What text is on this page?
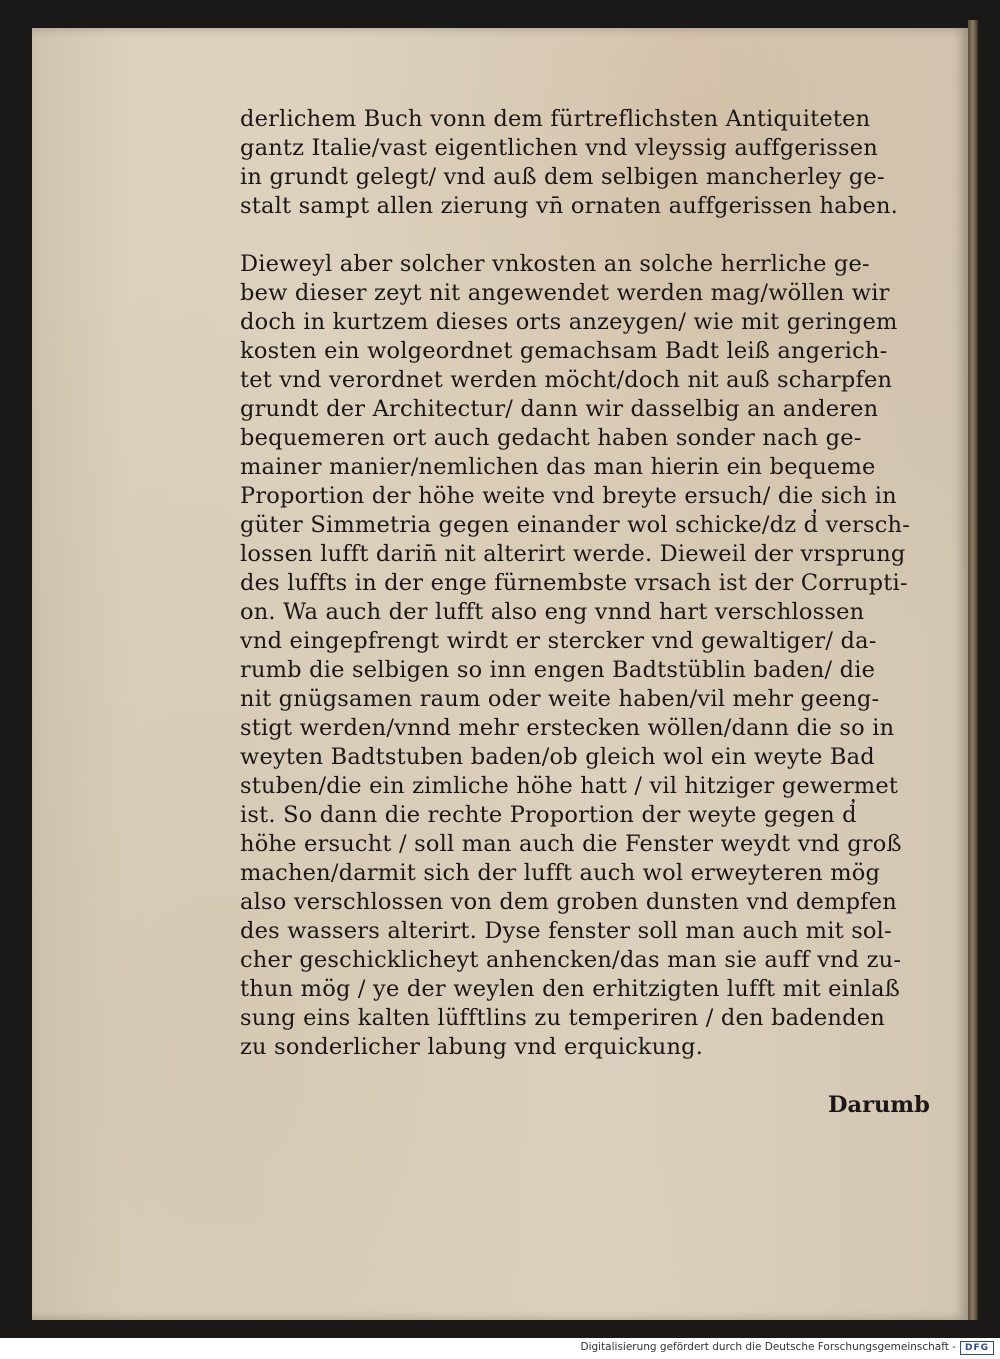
derlichem Buch vonn dem fürtreflichsten Antiquiteten
gantz Italie/vast eigentlichen vnd vleyssig auffgerissen
in grundt gelegt/ vnd auß dem selbigen mancherley ge-
stalt sampt allen zierung vn̄ ornaten auffgerissen haben.
Dieweyl aber solcher vnkosten an solche herrliche ge-
bew dieser zeyt nit angewendet werden mag/wöllen wir
doch in kurtzem dieses orts anzeygen/ wie mit geringem
kosten ein wolgeordnet gemachsam Badt leiß angerich-
tet vnd verordnet werden möcht/doch nit auß scharpfen
grundt der Architectur/ dann wir dasselbig an anderen
bequemeren ort auch gedacht haben sonder nach ge-
mainer manier/nemlichen das man hierin ein bequeme
Proportion der höhe weite vnd breyte ersuch/ die sich in
güter Simmetria gegen einander wol schicke/dz d̓ versch-
lossen lufft darin̄ nit alterirt werde. Dieweil der vrsprung
des luffts in der enge fürnembste vrsach ist der Corrupti-
on. Wa auch der lufft also eng vnnd hart verschlossen
vnd eingepfrengt wirdt er stercker vnd gewaltiger/ da-
rumb die selbigen so inn engen Badtstüblin baden/ die
nit gnügsamen raum oder weite haben/vil mehr geeng-
stigt werden/vnnd mehr erstecken wöllen/dann die so in
weyten Badtstuben baden/ob gleich wol ein weyte Bad
stuben/die ein zimliche höhe hatt / vil hitziger gewermet
ist. So dann die rechte Proportion der weyte gegen d̓
höhe ersucht / soll man auch die Fenster weydt vnd groß
machen/darmit sich der lufft auch wol erweyteren mög
also verschlossen von dem groben dunsten vnd dempfen
des wassers alterirt. Dyse fenster soll man auch mit sol-
cher geschicklicheyt anhencken/das man sie auff vnd zu-
thun mög / ye der weylen den erhitzigten lufft mit einlaß
sung eins kalten lüfftlins zu temperiren / den badenden
zu sonderlicher labung vnd erquickung.
Darumb
Digitalisierung gefördert durch die Deutsche Forschungsgemeinschaft - DFG
